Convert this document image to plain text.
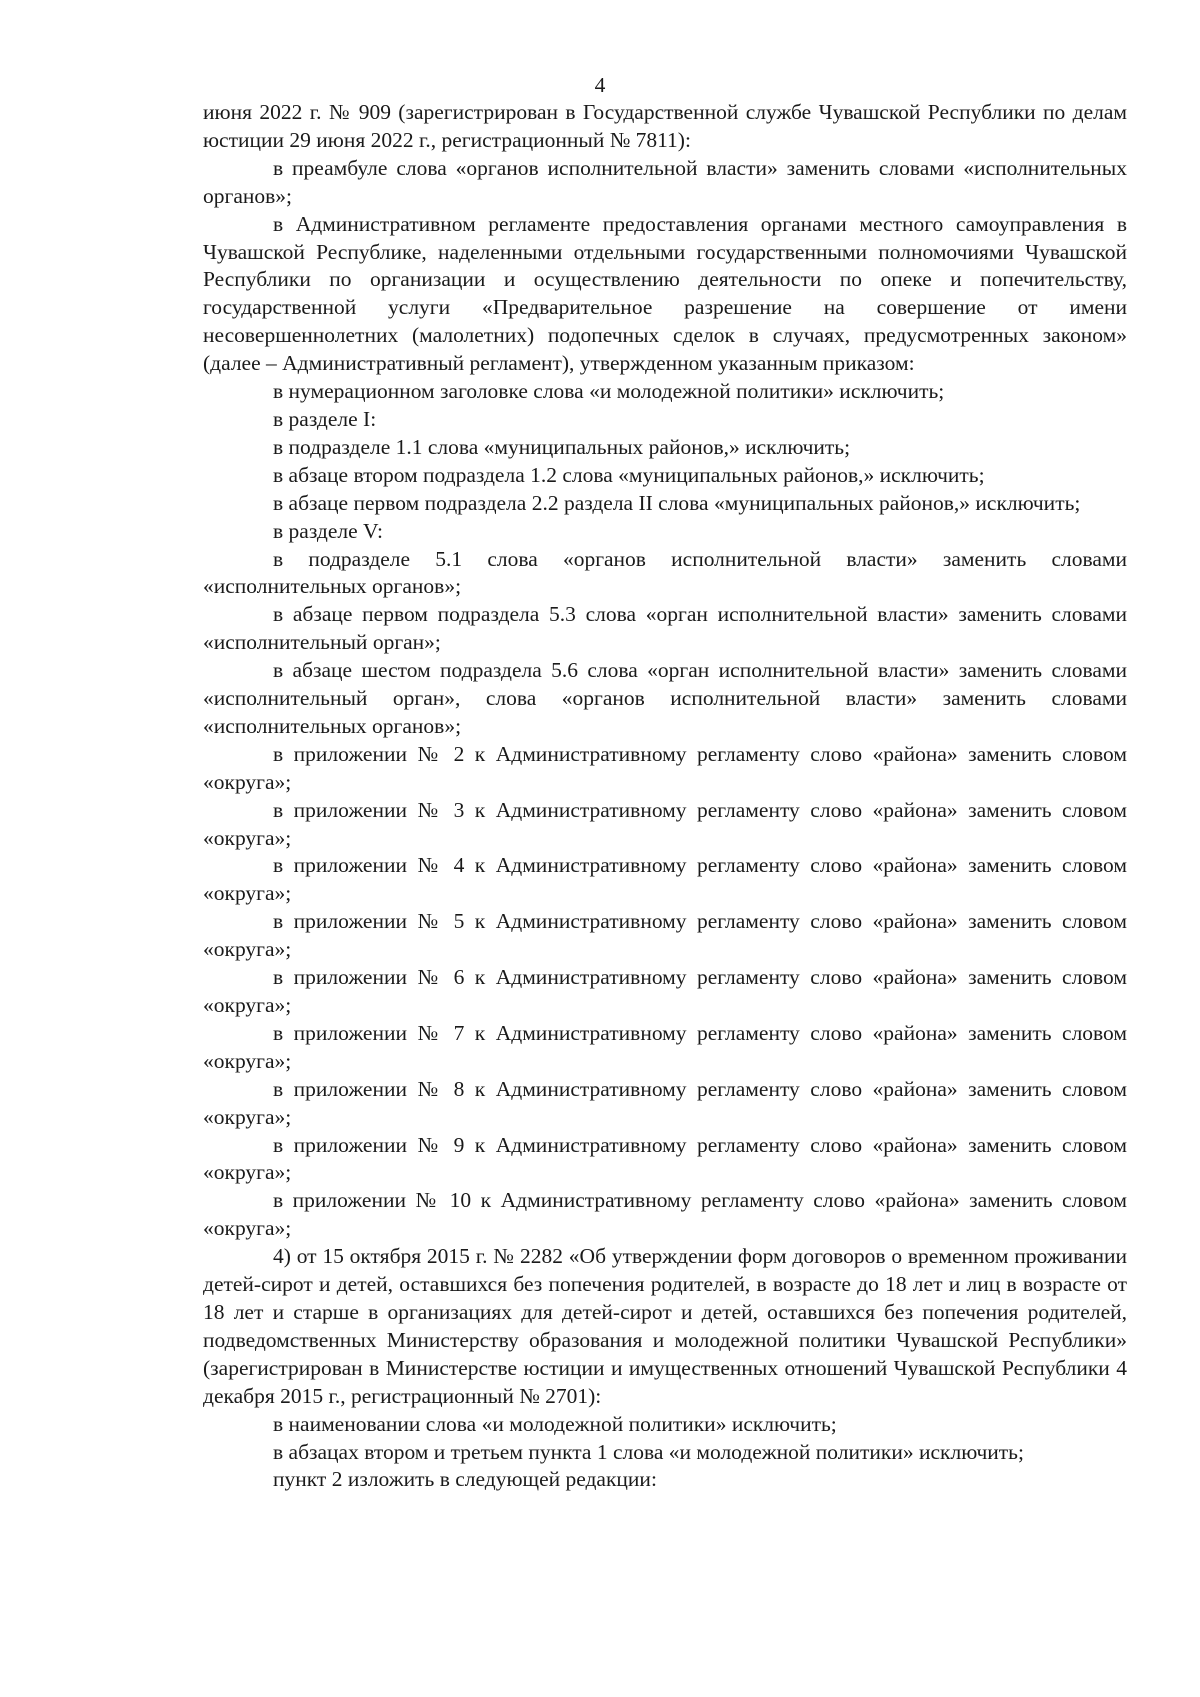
4

июня 2022 г. № 909 (зарегистрирован в Государственной службе Чувашской Республики по делам юстиции 29 июня 2022 г., регистрационный № 7811):

в преамбуле слова «органов исполнительной власти» заменить словами «исполнительных органов»;

в Административном регламенте предоставления органами местного самоуправления в Чувашской Республике, наделенными отдельными государственными полномочиями Чувашской Республики по организации и осуществлению деятельности по опеке и попечительству, государственной услуги «Предварительное разрешение на совершение от имени несовершеннолетних (малолетних) подопечных сделок в случаях, предусмотренных законом» (далее – Административный регламент), утвержденном указанным приказом:

в нумерационном заголовке слова «и молодежной политики» исключить;

в разделе I:

в подразделе 1.1 слова «муниципальных районов,» исключить;

в абзаце втором подраздела 1.2 слова «муниципальных районов,» исключить;

в абзаце первом подраздела 2.2 раздела II слова «муниципальных районов,» исключить;

в разделе V:

в подразделе 5.1 слова «органов исполнительной власти» заменить словами «исполнительных органов»;

в абзаце первом подраздела 5.3 слова «орган исполнительной власти» заменить словами «исполнительный орган»;

в абзаце шестом подраздела 5.6 слова «орган исполнительной власти» заменить словами «исполнительный орган», слова «органов исполнительной власти» заменить словами «исполнительных органов»;

в приложении № 2 к Административному регламенту слово «района» заменить словом «округа»;

в приложении № 3 к Административному регламенту слово «района» заменить словом «округа»;

в приложении № 4 к Административному регламенту слово «района» заменить словом «округа»;

в приложении № 5 к Административному регламенту слово «района» заменить словом «округа»;

в приложении № 6 к Административному регламенту слово «района» заменить словом «округа»;

в приложении № 7 к Административному регламенту слово «района» заменить словом «округа»;

в приложении № 8 к Административному регламенту слово «района» заменить словом «округа»;

в приложении № 9 к Административному регламенту слово «района» заменить словом «округа»;

в приложении № 10 к Административному регламенту слово «района» заменить словом «округа»;

4) от 15 октября 2015 г. № 2282 «Об утверждении форм договоров о временном проживании детей-сирот и детей, оставшихся без попечения родителей, в возрасте до 18 лет и лиц в возрасте от 18 лет и старше в организациях для детей-сирот и детей, оставшихся без попечения родителей, подведомственных Министерству образования и молодежной политики Чувашской Республики» (зарегистрирован в Министерстве юстиции и имущественных отношений Чувашской Республики 4 декабря 2015 г., регистрационный № 2701):

в наименовании слова «и молодежной политики» исключить;

в абзацах втором и третьем пункта 1 слова «и молодежной политики» исключить;

пункт 2 изложить в следующей редакции:
